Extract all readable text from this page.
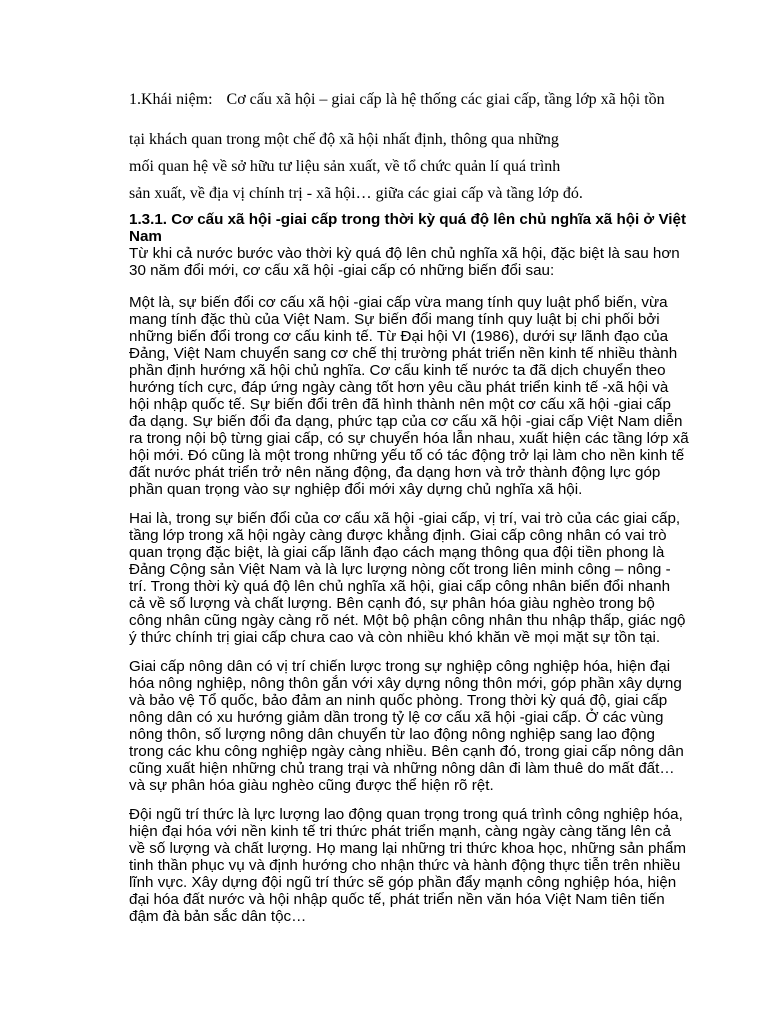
1.Khái niệm: Cơ cấu xã hội – giai cấp là hệ thống các giai cấp, tầng lớp xã hội tồn
tại khách quan trong một chế độ xã hội nhất định, thông qua những
mối quan hệ về sở hữu tư liệu sản xuất, về tổ chức quản lí quá trình
sản xuất, về địa vị chính trị - xã hội… giữa các giai cấp và tầng lớp đó.
1.3.1. Cơ cấu xã hội -giai cấp trong thời kỳ quá độ lên chủ nghĩa xã hội ở Việt Nam

Từ khi cả nước bước vào thời kỳ quá độ lên chủ nghĩa xã hội, đặc biệt là sau hơn 30 năm đổi mới, cơ cấu xã hội -giai cấp có những biến đổi sau:

Một là, sự biến đổi cơ cấu xã hội -giai cấp vừa mang tính quy luật phổ biến, vừa mang tính đặc thù của Việt Nam. Sự biến đổi mang tính quy luật bị chi phối bởi những biến đổi trong cơ cấu kinh tế. Từ Đại hội VI (1986), dưới sự lãnh đạo của Đảng, Việt Nam chuyển sang cơ chế thị trường phát triển nền kinh tế nhiều thành phần định hướng xã hội chủ nghĩa. Cơ cấu kinh tế nước ta đã dịch chuyển theo hướng tích cực, đáp ứng ngày càng tốt hơn yêu cầu phát triển kinh tế -xã hội và hội nhập quốc tế. Sự biến đổi trên đã hình thành nên một cơ cấu xã hội -giai cấp đa dạng. Sự biến đổi đa dạng, phức tạp của cơ cấu xã hội -giai cấp Việt Nam diễn ra trong nội bộ từng giai cấp, có sự chuyển hóa lẫn nhau, xuất hiện các tầng lớp xã hội mới. Đó cũng là một trong những yếu tố có tác động trở lại làm cho nền kinh tế đất nước phát triển trở nên năng động, đa dạng hơn và trở thành động lực góp phần quan trọng vào sự nghiệp đổi mới xây dựng chủ nghĩa xã hội.

Hai là, trong sự biến đổi của cơ cấu xã hội -giai cấp, vị trí, vai trò của các giai cấp, tầng lớp trong xã hội ngày càng được khẳng định. Giai cấp công nhân có vai trò quan trọng đặc biệt, là giai cấp lãnh đạo cách mạng thông qua đội tiền phong là Đảng Cộng sản Việt Nam và là lực lượng nòng cốt trong liên minh công – nông - trí. Trong thời kỳ quá độ lên chủ nghĩa xã hội, giai cấp công nhân biến đổi nhanh cả về số lượng và chất lượng. Bên cạnh đó, sự phân hóa giàu nghèo trong bộ công nhân cũng ngày càng rõ nét. Một bộ phận công nhân thu nhập thấp, giác ngộ ý thức chính trị giai cấp chưa cao và còn nhiều khó khăn về mọi mặt sự tồn tại.

Giai cấp nông dân có vị trí chiến lược trong sự nghiệp công nghiệp hóa, hiện đại hóa nông nghiệp, nông thôn gắn với xây dựng nông thôn mới, góp phần xây dựng và bảo vệ Tổ quốc, bảo đảm an ninh quốc phòng. Trong thời kỳ quá độ, giai cấp nông dân có xu hướng giảm dần trong tỷ lệ cơ cấu xã hội -giai cấp. Ở các vùng nông thôn, số lượng nông dân chuyển từ lao động nông nghiệp sang lao động trong các khu công nghiệp ngày càng nhiều. Bên cạnh đó, trong giai cấp nông dân cũng xuất hiện những chủ trang trại và những nông dân đi làm thuê do mất đất… và sự phân hóa giàu nghèo cũng được thể hiện rõ rệt.

Đội ngũ trí thức là lực lượng lao động quan trọng trong quá trình công nghiệp hóa, hiện đại hóa với nền kinh tế tri thức phát triển mạnh, càng ngày càng tăng lên cả về số lượng và chất lượng. Họ mang lại những tri thức khoa học, những sản phẩm tinh thần phục vụ và định hướng cho nhận thức và hành động thực tiễn trên nhiều lĩnh vực. Xây dựng đội ngũ trí thức sẽ góp phần đẩy mạnh công nghiệp hóa, hiện đại hóa đất nước và hội nhập quốc tế, phát triển nền văn hóa Việt Nam tiên tiến đậm đà bản sắc dân tộc…
